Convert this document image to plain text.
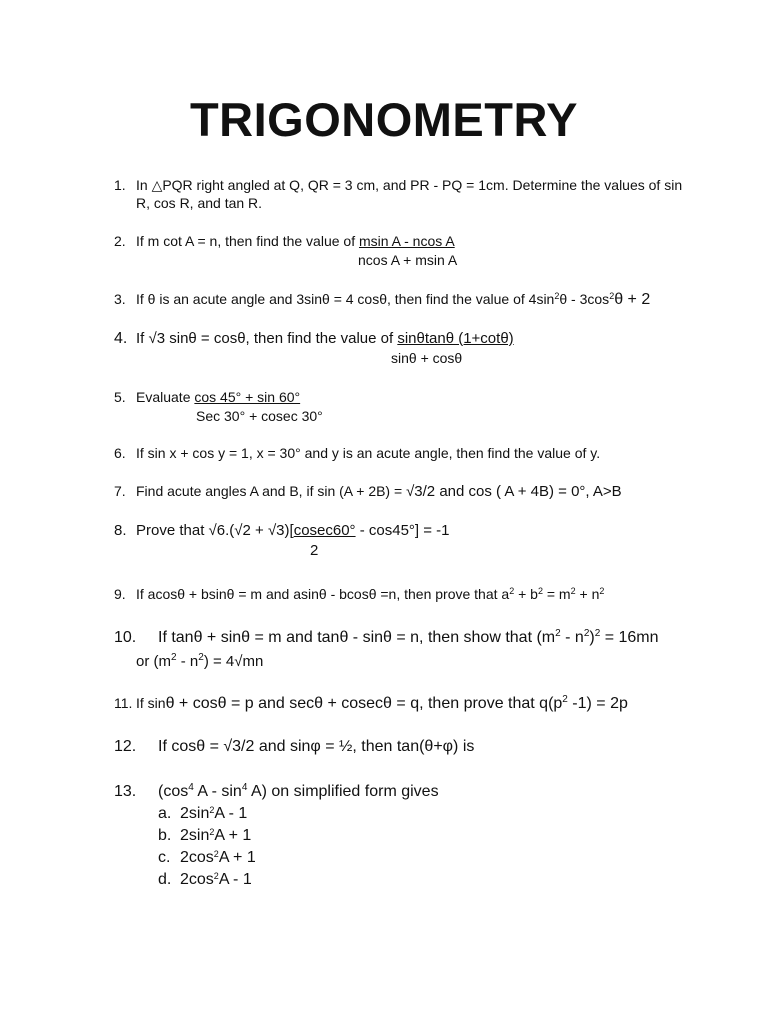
TRIGONOMETRY
1. In △PQR right angled at Q, QR = 3 cm, and PR - PQ = 1cm. Determine the values of sin
R, cos R, and tan R.
2. If m cot A = n, then find the value of msin A - ncos A
ncos A + msin A
3. If θ is an acute angle and 3sinθ = 4 cosθ, then find the value of $4\sin^2\theta - 3\cos^2\theta + 2$
4. If √3 sinθ = cosθ, then find the value of sinθtanθ (1+cotθ)
sinθ + cosθ
5. Evaluate cos 45° + sin 60°
Sec 30° + cosec 30°
6. If sin x + cos y = 1, x = 30° and y is an acute angle, then find the value of y.
7. Find acute angles A and B, if sin (A + 2B) = √3/2 and cos ( A + 4B) = 0°, A>B
8. Prove that √6.(√2 + √3)[cosec60° - cos45°] = -1
2
9. If acosθ + bsinθ = m and asinθ - bcosθ =n, then prove that $a^2 + b^2 = m^2 + n^2$
10. If tanθ + sinθ = m and tanθ - sinθ = n, then show that $(m^2 - n^2)^2 = 16mn$
or $(m^2 - n^2) = 4√mn$
11. If sinθ + cosθ = p and secθ + cosecθ = q, then prove that $q(p^2$ -1) = 2p
12. If cosθ = √3/2 and sinφ = ½, then tan(θ+φ) is
13. ($\cos^4$ A - $\sin^4 A$) on simplified form gives
a. $2\sin^2A - 1$
b. $2\sin^2A + 1$
c. $2\cos^2A + 1$
d. $2\cos^2A - 1$
